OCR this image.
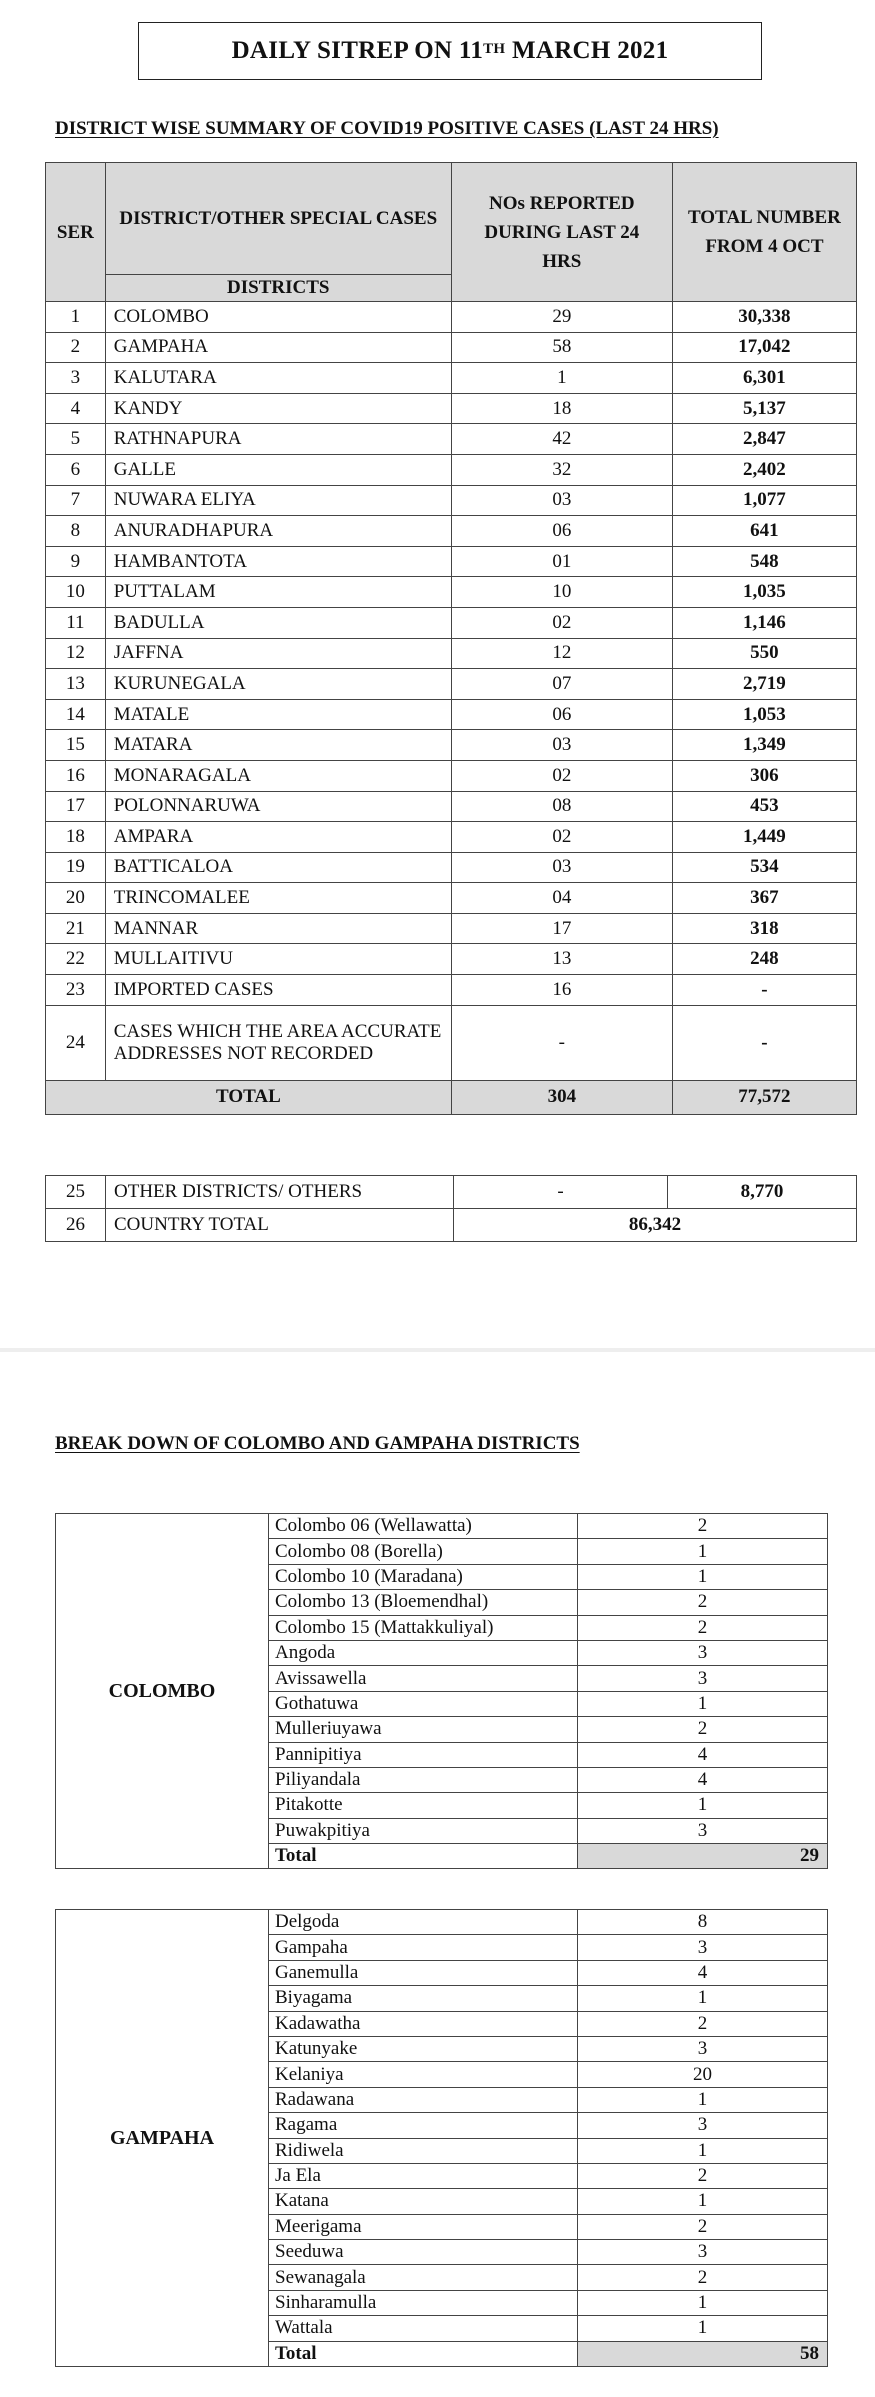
DAILY SITREP ON 11TH MARCH 2021
DISTRICT WISE SUMMARY OF COVID19 POSITIVE CASES (LAST 24 HRS)
SER	DISTRICT/OTHER SPECIAL CASES	NOs REPORTED DURING LAST 24 HRS	TOTAL NUMBER FROM 4 OCT
	DISTRICTS		
1	COLOMBO	29	30,338
2	GAMPAHA	58	17,042
3	KALUTARA	1	6,301
4	KANDY	18	5,137
5	RATHNAPURA	42	2,847
6	GALLE	32	2,402
7	NUWARA ELIYA	03	1,077
8	ANURADHAPURA	06	641
9	HAMBANTOTA	01	548
10	PUTTALAM	10	1,035
11	BADULLA	02	1,146
12	JAFFNA	12	550
13	KURUNEGALA	07	2,719
14	MATALE	06	1,053
15	MATARA	03	1,349
16	MONARAGALA	02	306
17	POLONNARUWA	08	453
18	AMPARA	02	1,449
19	BATTICALOA	03	534
20	TRINCOMALEE	04	367
21	MANNAR	17	318
22	MULLAITIVU	13	248
23	IMPORTED CASES	16	-
24	CASES WHICH THE AREA ACCURATE ADDRESSES NOT RECORDED	-	-
TOTAL		304	77,572
25	OTHER DISTRICTS/ OTHERS	-	8,770
26	COUNTRY TOTAL	86,342	
BREAK DOWN OF COLOMBO AND GAMPAHA DISTRICTS
COLOMBO	Colombo 06 (Wellawatta)	2
	Colombo 08 (Borella)	1
	Colombo 10 (Maradana)	1
	Colombo 13 (Bloemendhal)	2
	Colombo 15 (Mattakkuliyal)	2
	Angoda	3
	Avissawella	3
	Gothatuwa	1
	Mulleriuyawa	2
	Pannipitiya	4
	Piliyandala	4
	Pitakotte	1
	Puwakpitiya	3
	Total	29
GAMPAHA	Delgoda	8
	Gampaha	3
	Ganemulla	4
	Biyagama	1
	Kadawatha	2
	Katunyake	3
	Kelaniya	20
	Radawana	1
	Ragama	3
	Ridiwela	1
	Ja Ela	2
	Katana	1
	Meerigama	2
	Seeduwa	3
	Sewanagala	2
	Sinharamulla	1
	Wattala	1
	Total	58
